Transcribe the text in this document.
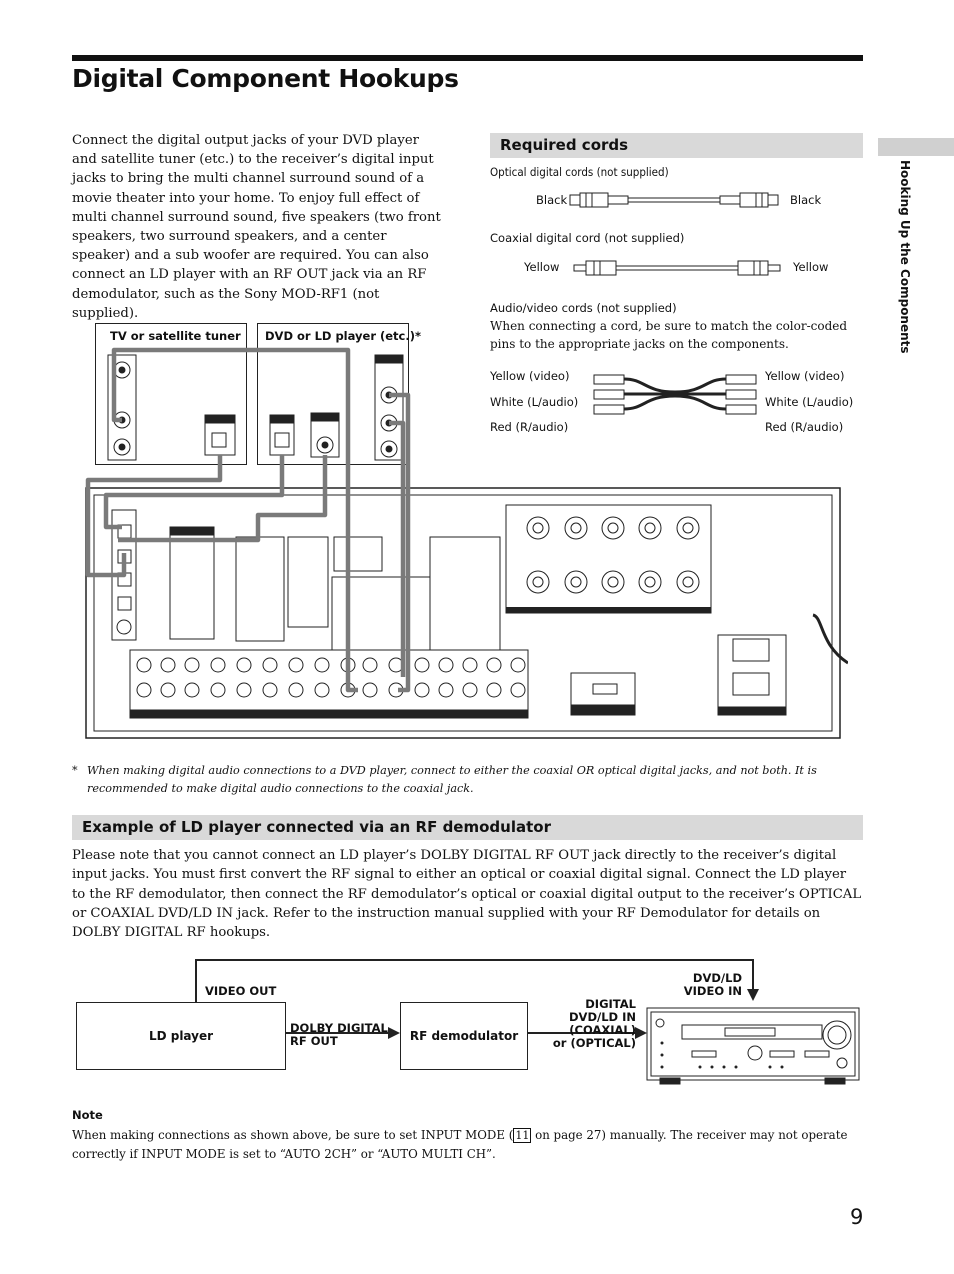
Digital Component Hookups
Hooking Up the Components
Connect the digital output jacks of your DVD player and satellite tuner (etc.) to the receiver’s digital input jacks to bring the multi channel surround sound of a movie theater into your home. To enjoy full effect of multi channel surround sound, five speakers (two front speakers, two surround speakers, and a center speaker) and a sub woofer are required. You can also connect an LD player with an RF OUT jack via an RF demodulator, such as the Sony MOD-RF1 (not supplied).
Required cords
Optical digital cords (not supplied)
Black	Black
Coaxial digital cord (not supplied)
Yellow	Yellow
Audio/video cords (not supplied)
When connecting a cord, be sure to match the color-coded pins to the appropriate jacks on the components.
Yellow (video)
White (L/audio)
Red (R/audio)
Yellow (video)
White (L/audio)
Red (R/audio)
TV or satellite tuner DVD or LD player (etc.)*
* When making digital audio connections to a DVD player, connect to either the coaxial OR optical digital jacks, and not both. It is recommended to make digital audio connections to the coaxial jack.
Example of LD player connected via an RF demodulator
Please note that you cannot connect an LD player’s DOLBY DIGITAL RF OUT jack directly to the receiver’s digital input jacks. You must first convert the RF signal to either an optical or coaxial digital signal. Connect the LD player to the RF demodulator, then connect the RF demodulator’s optical or coaxial digital output to the receiver’s OPTICAL or COAXIAL DVD/LD IN jack. Refer to the instruction manual supplied with your RF Demodulator for details on DOLBY DIGITAL RF hookups.
LD player	RF demodulator
VIDEO OUT
DOLBY DIGITAL
RF OUT
DIGITAL
DVD/LD IN
(COAXIAL)
or (OPTICAL)
DVD/LD
VIDEO IN
Note
When making connections as shown above, be sure to set INPUT MODE ( 11 on page 27) manually. The receiver may not operate correctly if INPUT MODE is set to “AUTO 2CH” or “AUTO MULTI CH”.
9
